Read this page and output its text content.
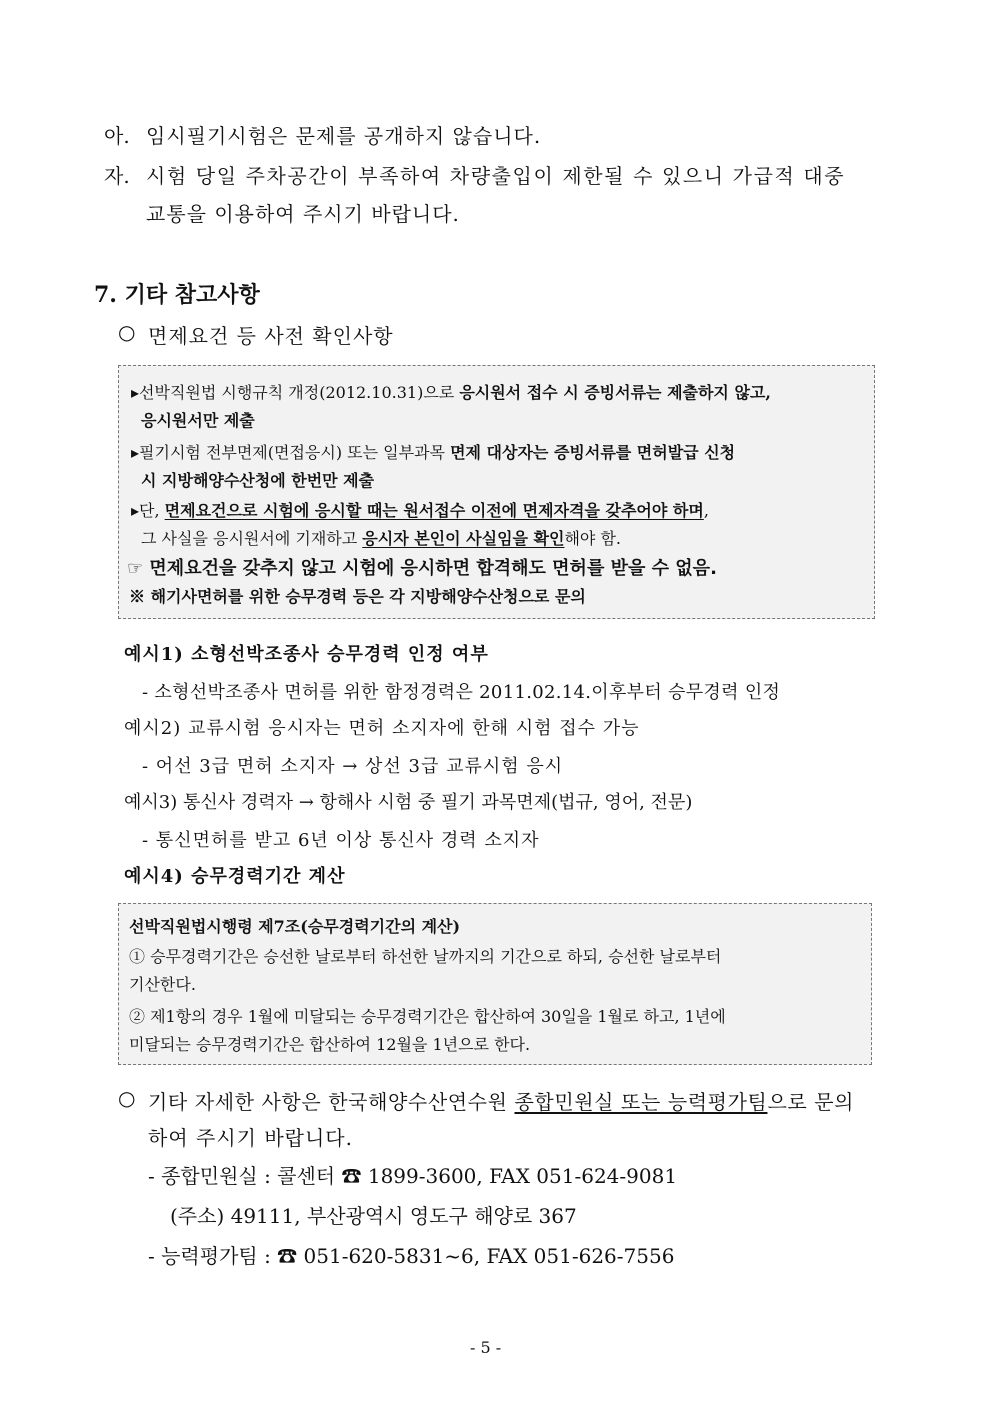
아. 임시필기시험은 문제를 공개하지 않습니다.
자. 시험 당일 주차공간이 부족하여 차량출입이 제한될 수 있으니 가급적 대중
교통을 이용하여 주시기 바랍니다.
7. 기타 참고사항
○ 면제요건 등 사전 확인사항
▸선박직원법 시행규칙 개정(2012.10.31)으로 응시원서 접수 시 증빙서류는 제출하지 않고,
응시원서만 제출
▸필기시험 전부면제(면접응시) 또는 일부과목 면제 대상자는 증빙서류를 면허발급 신청
시 지방해양수산청에 한번만 제출
▸단, 면제요건으로 시험에 응시할 때는 원서접수 이전에 면제자격을 갖추어야 하며,
그 사실을 응시원서에 기재하고 응시자 본인이 사실임을 확인해야 함.
☞ 면제요건을 갖추지 않고 시험에 응시하면 합격해도 면허를 받을 수 없음.
※ 해기사면허를 위한 승무경력 등은 각 지방해양수산청으로 문의
예시1) 소형선박조종사 승무경력 인정 여부
- 소형선박조종사 면허를 위한 함정경력은 2011.02.14.이후부터 승무경력 인정
예시2) 교류시험 응시자는 면허 소지자에 한해 시험 접수 가능
- 어선 3급 면허 소지자 → 상선 3급 교류시험 응시
예시3) 통신사 경력자 → 항해사 시험 중 필기 과목면제(법규, 영어, 전문)
- 통신면허를 받고 6년 이상 통신사 경력 소지자
예시4) 승무경력기간 계산
선박직원법시행령 제7조(승무경력기간의 계산)
① 승무경력기간은 승선한 날로부터 하선한 날까지의 기간으로 하되, 승선한 날로부터
기산한다.
② 제1항의 경우 1월에 미달되는 승무경력기간은 합산하여 30일을 1월로 하고, 1년에
미달되는 승무경력기간은 합산하여 12월을 1년으로 한다.
○ 기타 자세한 사항은 한국해양수산연수원 종합민원실 또는 능력평가팀으로 문의
하여 주시기 바랍니다.
- 종합민원실 : 콜센터 ☎ 1899-3600, FAX 051-624-9081
(주소) 49111, 부산광역시 영도구 해양로 367
- 능력평가팀 : ☎ 051-620-5831~6, FAX 051-626-7556
- 5 -
